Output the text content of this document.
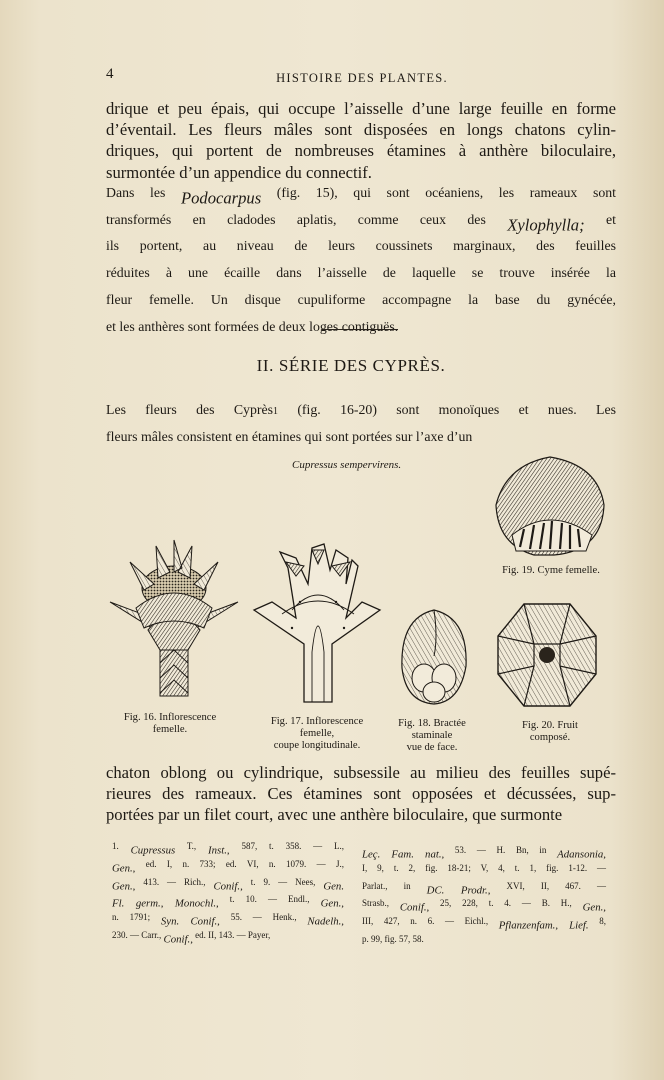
4	HISTOIRE DES PLANTES.

drique et peu épais, qui occupe l’aisselle d’une large feuille en forme
d’éventail. Les fleurs mâles sont disposées en longs chatons cylin-
driques, qui portent de nombreuses étamines à anthère biloculaire,
surmontée d’un appendice du connectif.

$^{Dans les}$ Podocarpus $^{(fig. 15), qui sont océaniens, les rameaux sont}$
$^{transformés en cladodes aplatis, comme ceux des}$ Xylophylla; $^{et}$
$^{ils portent, au niveau de leurs coussinets marginaux, des feuilles}$
$^{réduites à une écaille dans l’aisselle de laquelle se trouve insérée la}$
$^{fleur femelle. Un disque cupuliforme accompagne la base du gynécée,}$
$^{et les anthères sont formées de deux loges contiguës.}$

II. SÉRIE DES CYPRÈS.

$^{Les fleurs des Cyprès1}$ $^{(fig. 16-20) sont monoïques et nues. Les}$
$^{fleurs mâles consistent en étamines qui sont portées sur l’axe d’un}$

Cupressus sempervirens.
Fig. 16. Inflorescence
femelle.
Fig. 17. Inflorescence
femelle,
coupe longitudinale.
Fig. 18. Bractée
staminale
vue de face.
Fig. 19. Cyme femelle.
Fig. 20. Fruit
composé.

chaton oblong ou cylindrique, subsessile au milieu des feuilles supé-
rieures des rameaux. Ces étamines sont opposées et décussées, sup-
portées par un filet court, avec une anthère biloculaire, que surmonte

$^{1.}$ Cupressus $^{T.,}$ Inst., $^{587, t. 358. — L.,}$
Gen., $^{ed. I, n. 733; ed. VI, n. 1079. — J.,}$
Gen., $^{413. — Rich.,}$ Conif., $^{t. 9. — Nees,}$ Gen.
Fl. germ., Monochl., $^{t. 10. — Endl.,}$ Gen.,
$^{n. 1791;}$ Syn. Conif., $^{55. — Henk.,}$ Nadelh.,
$^{230. — Carr.,}$ Conif., $^{ed. II, 143. — Payer,}$
Leç. Fam. nat., $^{53. — H. Bn, in}$ Adansonia,
$^{I, 9, t. 2, fig. 18-21; V, 4, t. 1, fig. 1-12. —}$
$^{Parlat., in}$ DC. Prodr., $^{XVI, II, 467. —}$
$^{Strasb.,}$ Conif., $^{25, 228, t. 4. — B. H.,}$ Gen.,
$^{III, 427, n. 6. — Eichl.,}$ Pflanzenfam., Lief. $^{8,}$
$^{p. 99, fig. 57, 58.}$
